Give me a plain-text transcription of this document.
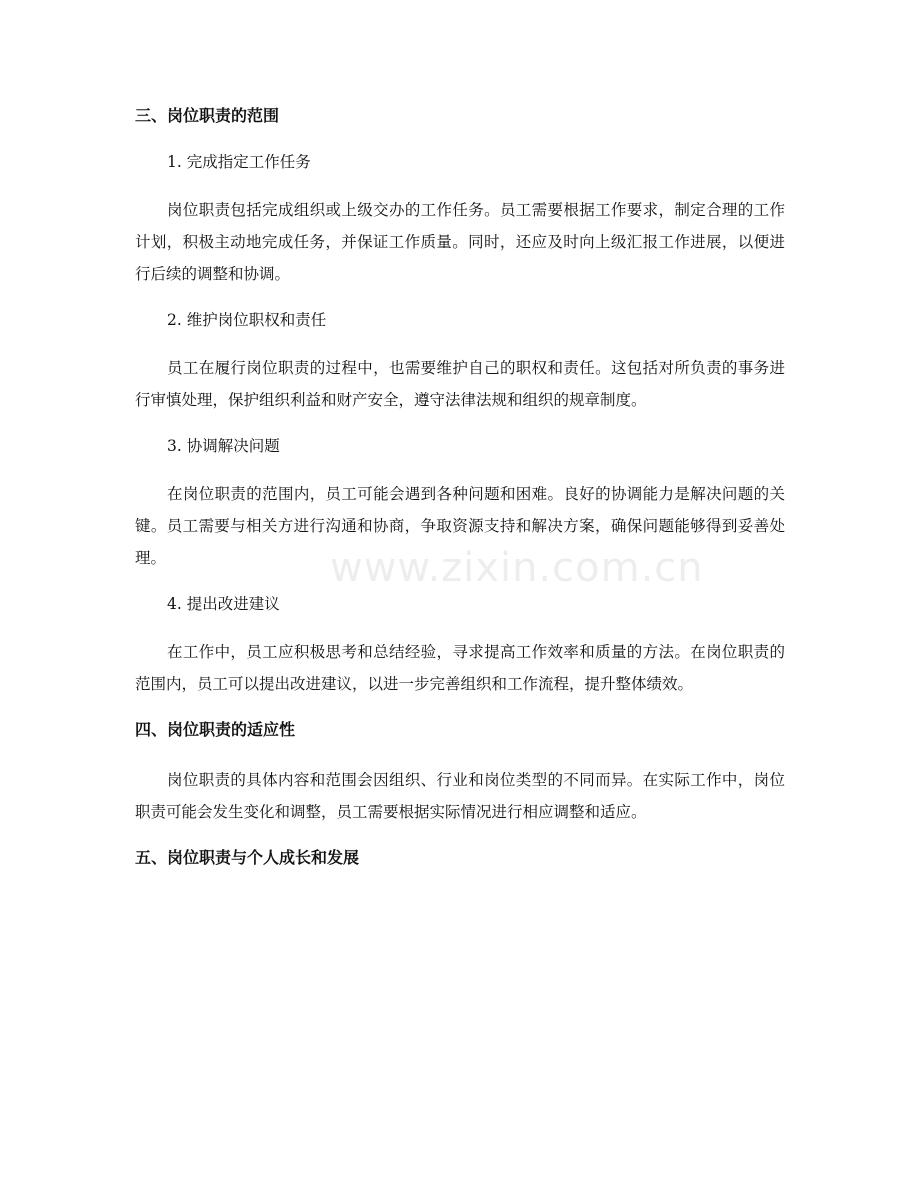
三、岗位职责的范围

1. 完成指定工作任务

岗位职责包括完成组织或上级交办的工作任务。员工需要根据工作要求，制定合理的工作计划，积极主动地完成任务，并保证工作质量。同时，还应及时向上级汇报工作进展，以便进行后续的调整和协调。

2. 维护岗位职权和责任

员工在履行岗位职责的过程中，也需要维护自己的职权和责任。这包括对所负责的事务进行审慎处理，保护组织利益和财产安全，遵守法律法规和组织的规章制度。

3. 协调解决问题

在岗位职责的范围内，员工可能会遇到各种问题和困难。良好的协调能力是解决问题的关键。员工需要与相关方进行沟通和协商，争取资源支持和解决方案，确保问题能够得到妥善处理。

4. 提出改进建议

在工作中，员工应积极思考和总结经验，寻求提高工作效率和质量的方法。在岗位职责的范围内，员工可以提出改进建议，以进一步完善组织和工作流程，提升整体绩效。

四、岗位职责的适应性

岗位职责的具体内容和范围会因组织、行业和岗位类型的不同而异。在实际工作中，岗位职责可能会发生变化和调整，员工需要根据实际情况进行相应调整和适应。

五、岗位职责与个人成长和发展
www.zixin.com.cn
